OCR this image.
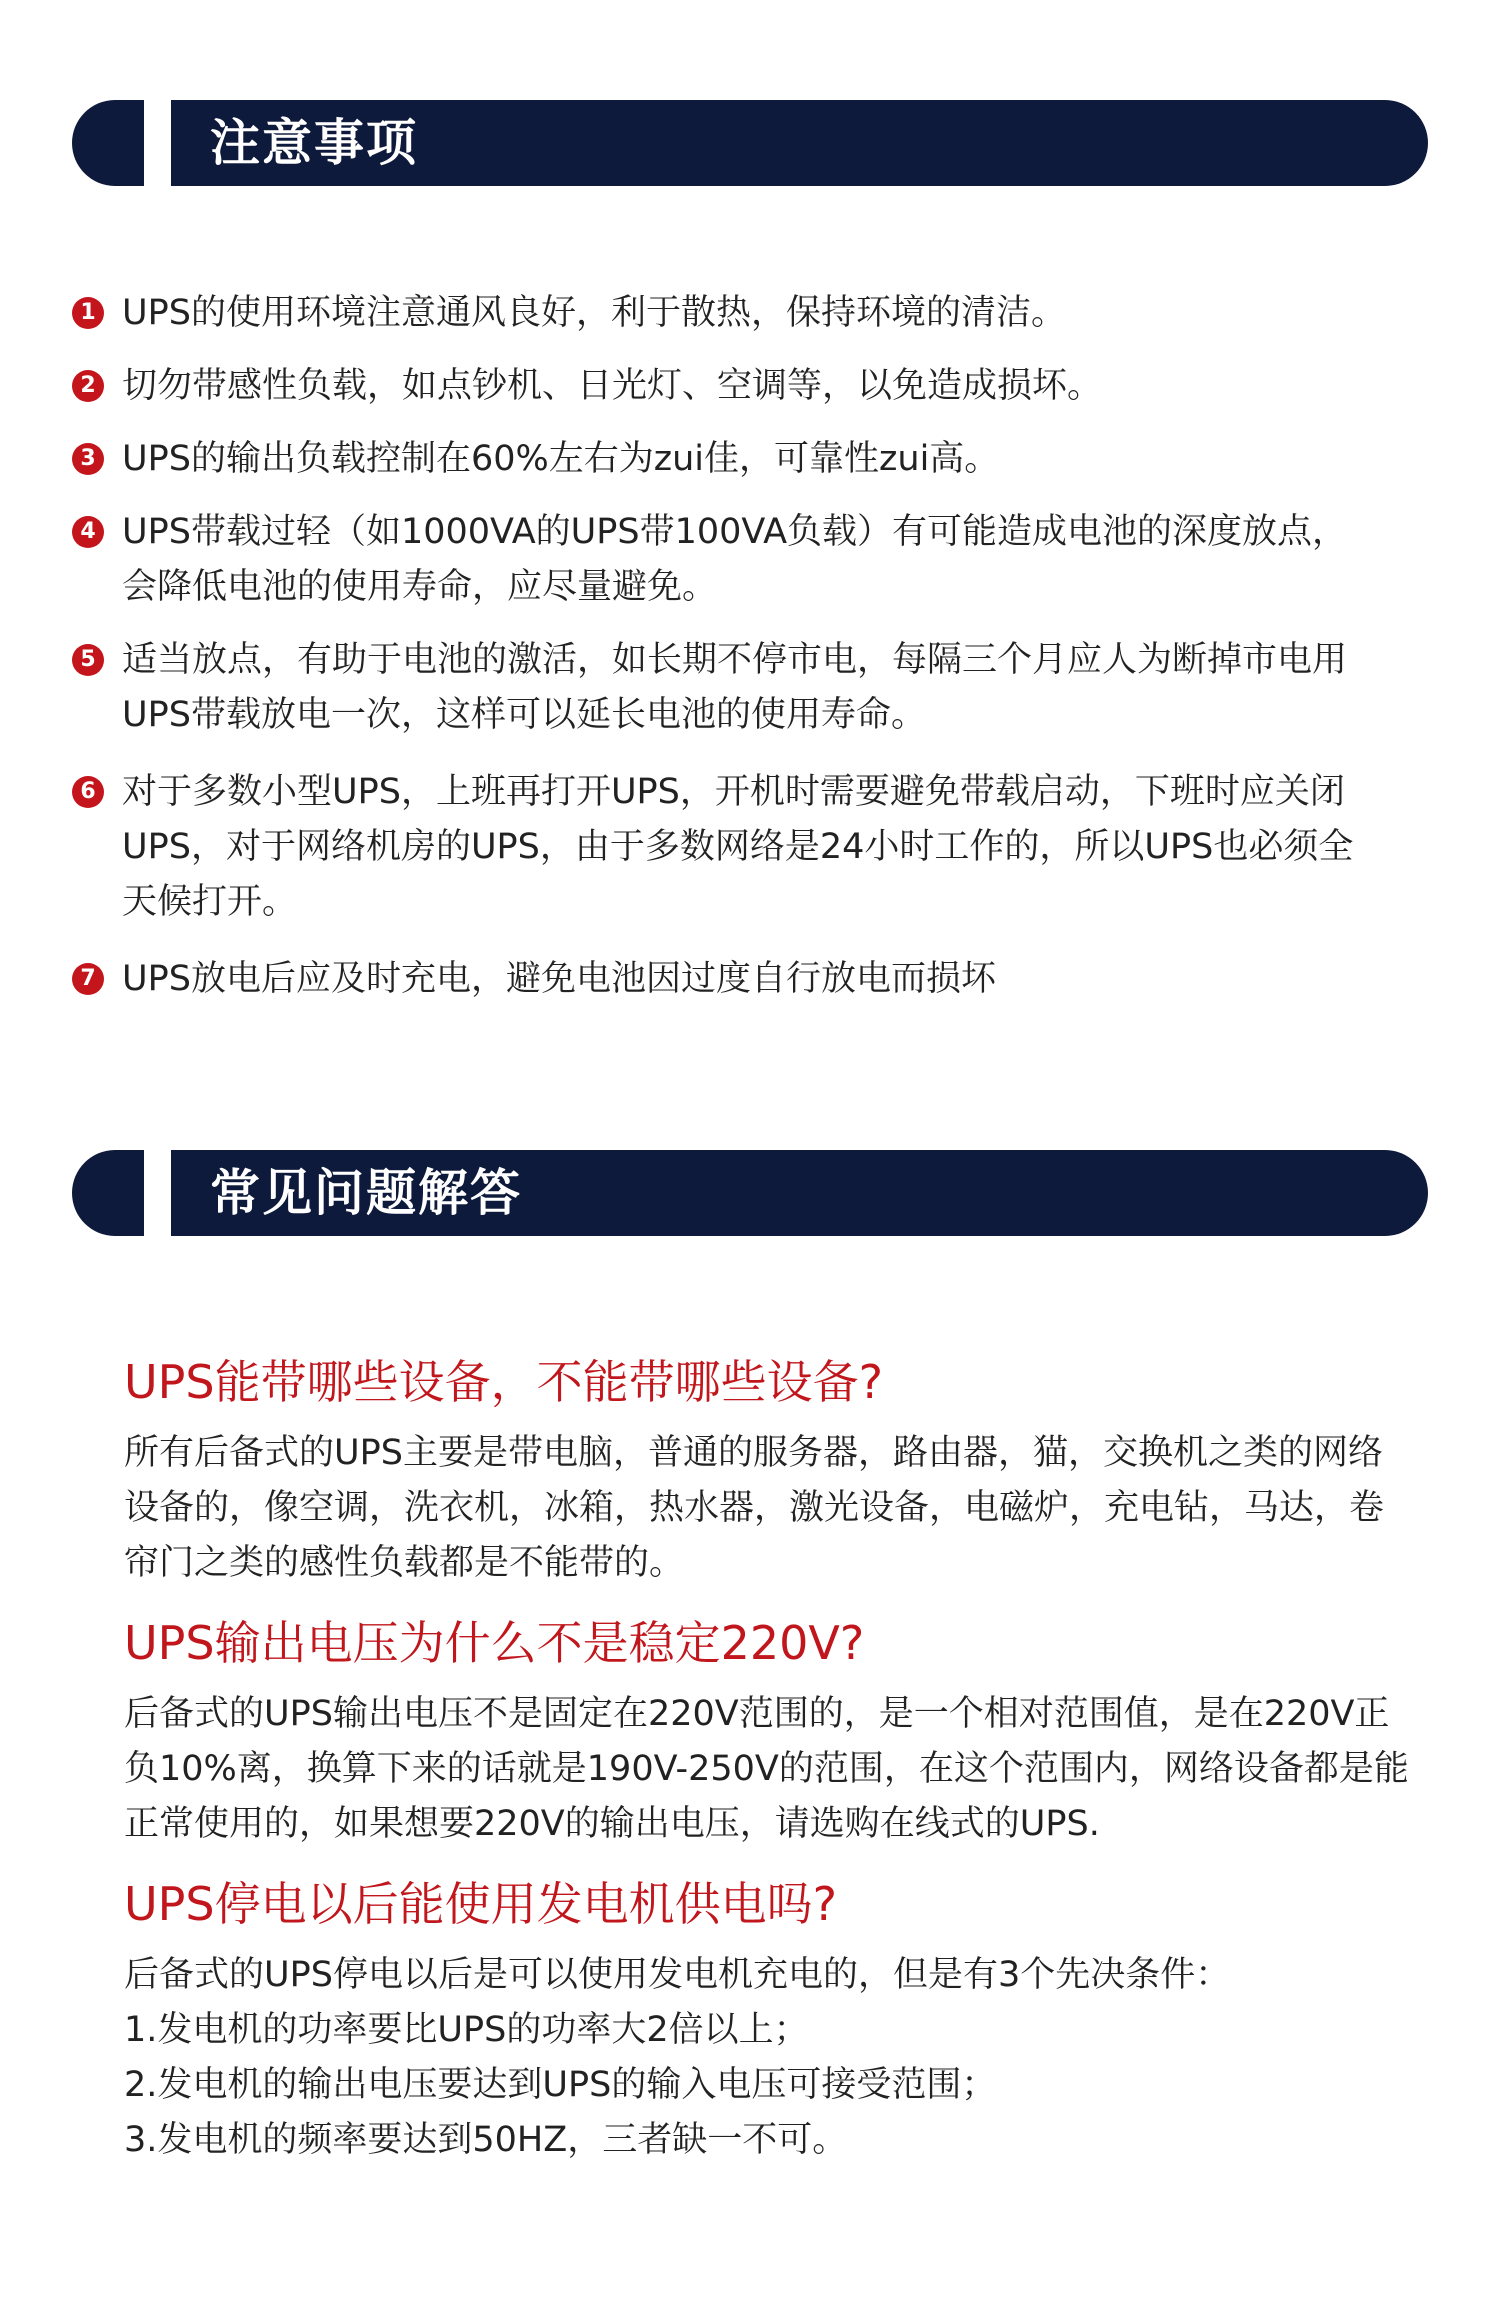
注意事项
1 UPS的使用环境注意通风良好，利于散热，保持环境的清洁。
2 切勿带感性负载，如点钞机、日光灯、空调等，以免造成损坏。
3 UPS的输出负载控制在60%左右为zui佳，可靠性zui高。
4 UPS带载过轻（如1000VA的UPS带100VA负载）有可能造成电池的深度放点，会降低电池的使用寿命，应尽量避免。
5 适当放点，有助于电池的激活，如长期不停市电，每隔三个月应人为断掉市电用UPS带载放电一次，这样可以延长电池的使用寿命。
6 对于多数小型UPS，上班再打开UPS，开机时需要避免带载启动，下班时应关闭UPS，对于网络机房的UPS，由于多数网络是24小时工作的，所以UPS也必须全天候打开。
7 UPS放电后应及时充电，避免电池因过度自行放电而损坏
常见问题解答
UPS能带哪些设备，不能带哪些设备?

所有后备式的UPS主要是带电脑，普通的服务器，路由器，猫，交换机之类的网络设备的，像空调，洗衣机，冰箱，热水器，激光设备，电磁炉，充电钻，马达，卷帘门之类的感性负载都是不能带的。

UPS输出电压为什么不是稳定220V?

后备式的UPS输出电压不是固定在220V范围的，是一个相对范围值，是在220V正负10%离，换算下来的话就是190V-250V的范围，在这个范围内，网络设备都是能正常使用的，如果想要220V的输出电压，请选购在线式的UPS.

UPS停电以后能使用发电机供电吗?
后备式的UPS停电以后是可以使用发电机充电的，但是有3个先决条件：
1.发电机的功率要比UPS的功率大2倍以上；
2.发电机的输出电压要达到UPS的输入电压可接受范围；
3.发电机的频率要达到50HZ，三者缺一不可。
